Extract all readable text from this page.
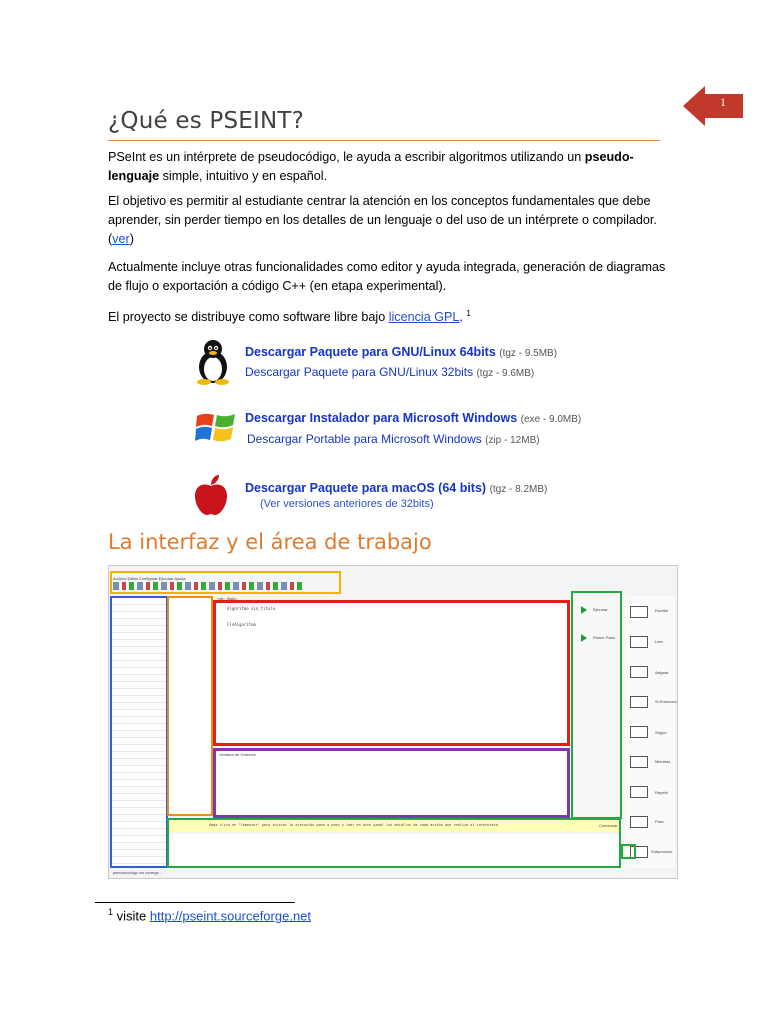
1
¿Qué es PSEINT?

PSeInt es un intérprete de pseudocódigo, le ayuda a escribir algoritmos utilizando un pseudo-lenguaje simple, intuitivo y en español.

El objetivo es permitir al estudiante centrar la atención en los conceptos fundamentales que debe aprender, sin perder tiempo en los detalles de un lenguaje o del uso de un intérprete o compilador. (ver)

Actualmente incluye otras funcionalidades como editor y ayuda integrada, generación de diagramas de flujo o exportación a código C++ (en etapa experimental).

El proyecto se distribuye como software libre bajo licencia GPL. $^1$

Descargar Paquete para GNU/Linux 64bits (tgz - 9.5MB)
Descargar Paquete para GNU/Linux 32bits (tgz - 9.6MB)
Descargar Instalador para Microsoft Windows (exe - 9.0MB)
Descargar Portable para Microsoft Windows (zip - 12MB)
Descargar Paquete para macOS (64 bits) (tgz - 8.2MB)
(Ver versiones anteriores de 32bits)
La interfaz y el área de trabajo
Archivo Editar Configurar Ejecutar Ayuda
Algoritmo sin_titulo
FinAlgoritmo
<sin_titulo>
Ventana de Ordenes
Ejecutar
Primer Paso
Escribir
Leer
Asignar
Si-Entonces
Según
Mientras
Repetir
Para
Subproceso
Haga click en "Comenzar" para iniciar la ejecución paso a paso y leer en este panel los detalles de cada acción que realiza el intérprete.	Comenzar
pseudocódigo sin corregir...
$^1$ visite http://pseint.sourceforge.net
